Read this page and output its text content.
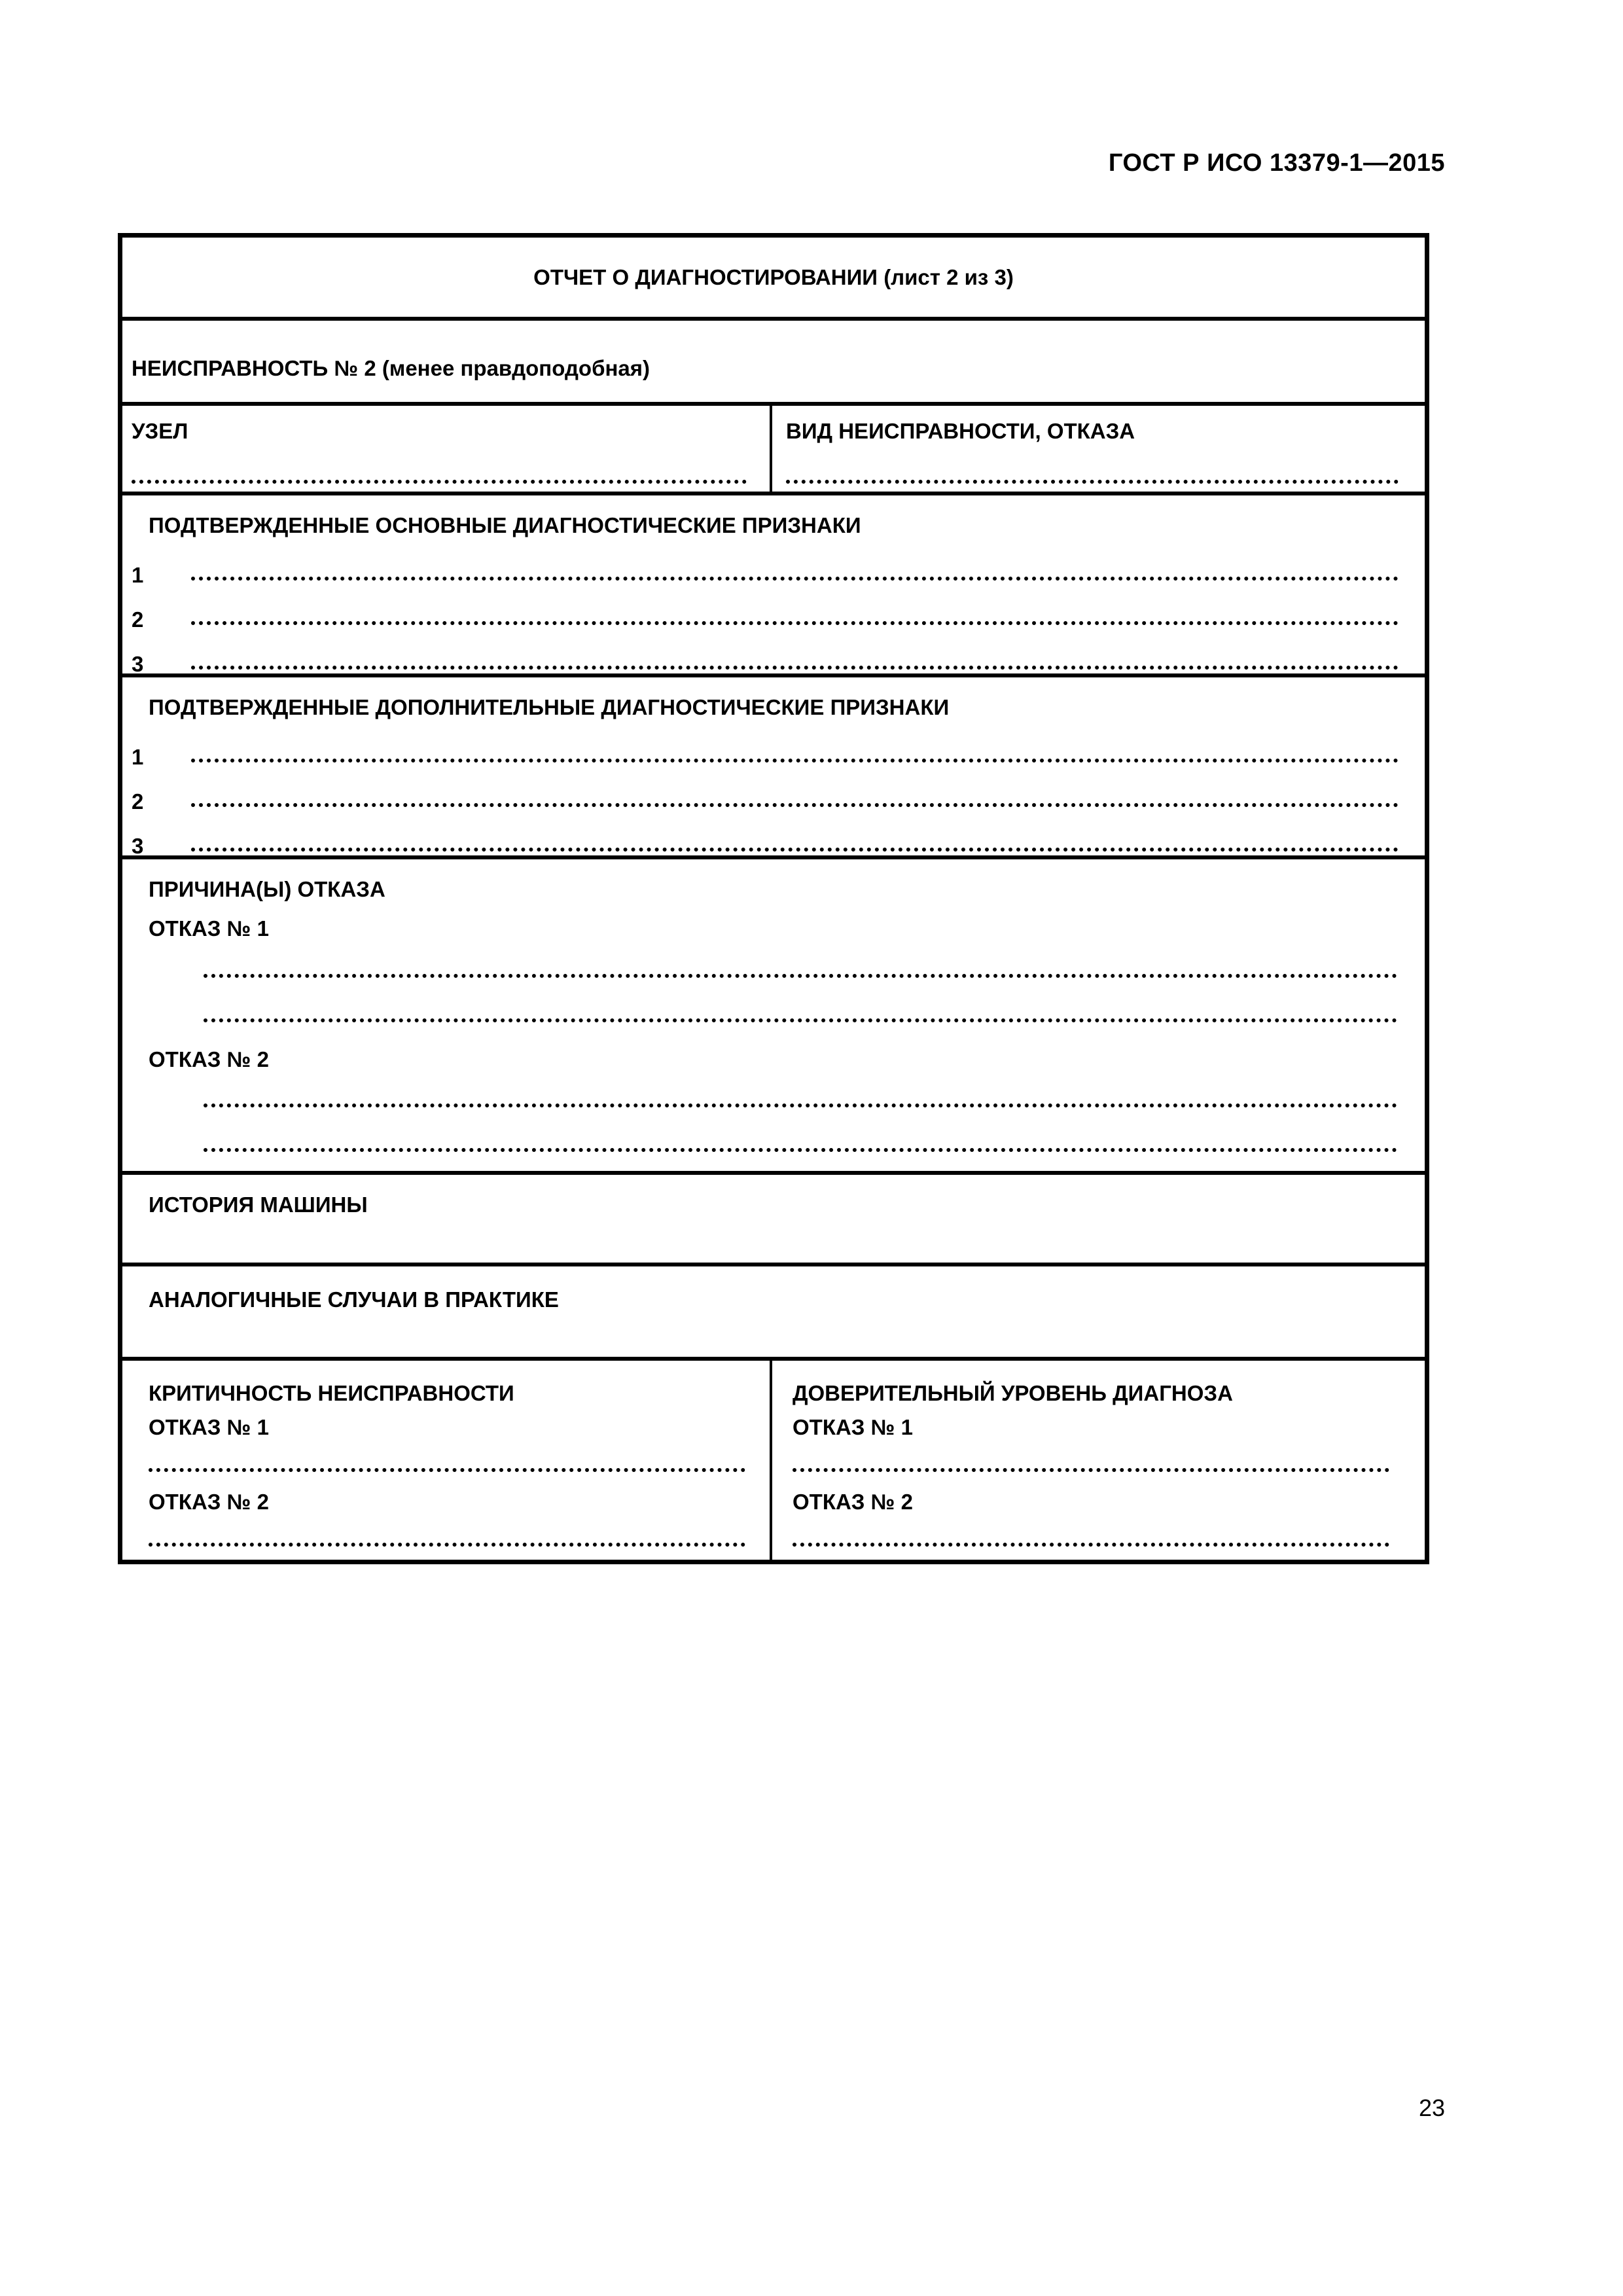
ГОСТ Р ИСО 13379-1—2015
ОТЧЕТ О ДИАГНОСТИРОВАНИИ (лист 2 из 3)
НЕИСПРАВНОСТЬ № 2 (менее правдоподобная)
УЗЕЛ	ВИД НЕИСПРАВНОСТИ, ОТКАЗА
ПОДТВЕРЖДЕННЫЕ ОСНОВНЫЕ ДИАГНОСТИЧЕСКИЕ ПРИЗНАКИ
1
2
3
ПОДТВЕРЖДЕННЫЕ ДОПОЛНИТЕЛЬНЫЕ ДИАГНОСТИЧЕСКИЕ ПРИЗНАКИ
1
2
3
ПРИЧИНА(Ы) ОТКАЗА
ОТКАЗ № 1
ОТКАЗ № 2
ИСТОРИЯ МАШИНЫ
АНАЛОГИЧНЫЕ СЛУЧАИ В ПРАКТИКЕ
КРИТИЧНОСТЬ НЕИСПРАВНОСТИ
ОТКАЗ № 1
ОТКАЗ № 2
ДОВЕРИТЕЛЬНЫЙ УРОВЕНЬ ДИАГНОЗА
ОТКАЗ № 1
ОТКАЗ № 2
23
